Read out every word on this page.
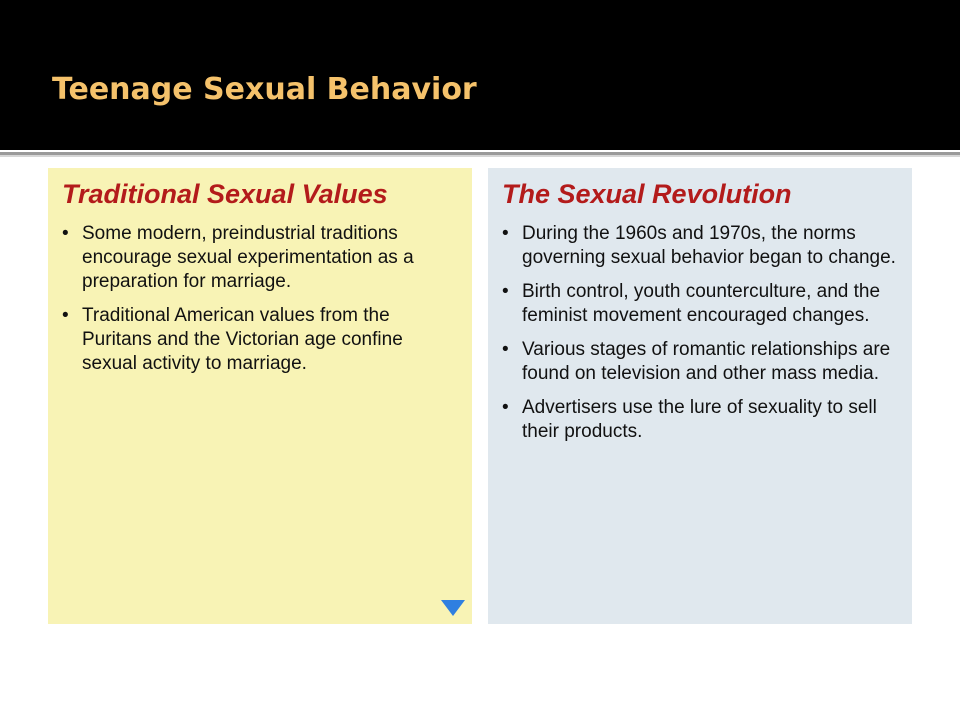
Teenage Sexual Behavior
Traditional Sexual Values
• Some modern, preindustrial traditions encourage sexual experimentation as a preparation for marriage.
• Traditional American values from the Puritans and the Victorian age confine sexual activity to marriage.
The Sexual Revolution
• During the 1960s and 1970s, the norms governing sexual behavior began to change.
• Birth control, youth counterculture, and the feminist movement encouraged changes.
• Various stages of romantic relationships are found on television and other mass media.
• Advertisers use the lure of sexuality to sell their products.
